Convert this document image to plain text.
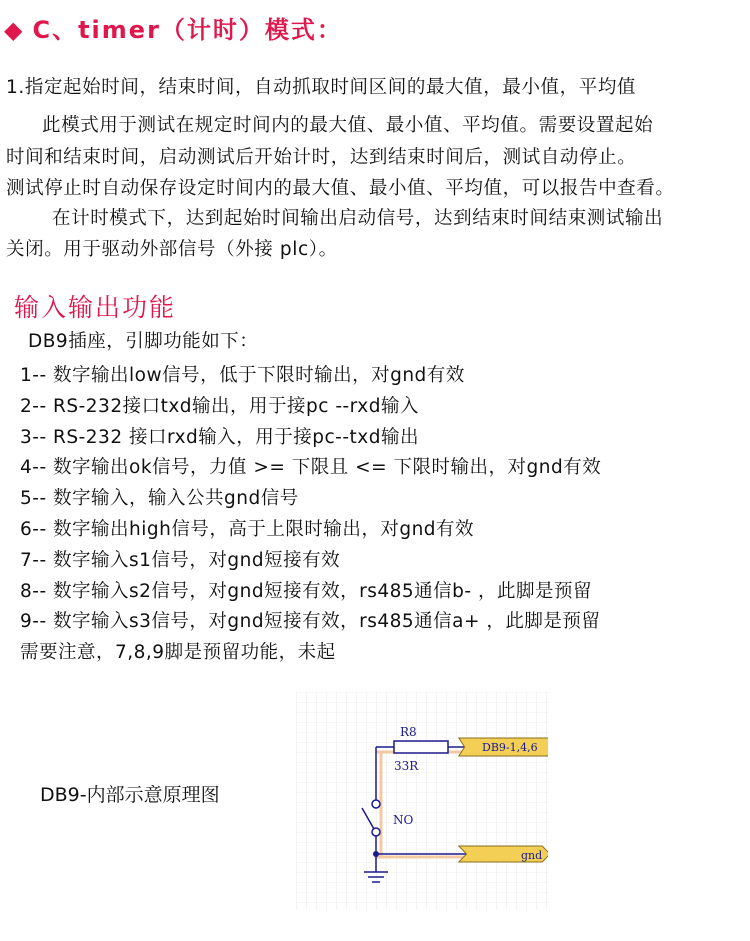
◆ C、timer（计时）模式：
1.指定起始时间，结束时间，自动抓取时间区间的最大值，最小值，平均值
此模式用于测试在规定时间内的最大值、最小值、平均值。需要设置起始
时间和结束时间，启动测试后开始计时，达到结束时间后，测试自动停止。
测试停止时自动保存设定时间内的最大值、最小值、平均值，可以报告中查看。
在计时模式下，达到起始时间输出启动信号，达到结束时间结束测试输出
关闭。用于驱动外部信号（外接 plc）。
输入输出功能
DB9插座，引脚功能如下：
1-- 数字输出low信号，低于下限时输出，对gnd有效
2-- RS-232接口txd输出，用于接pc --rxd输入
3-- RS-232 接口rxd输入，用于接pc--txd输出
4-- 数字输出ok信号，力值 >= 下限且 <= 下限时输出，对gnd有效
5-- 数字输入，输入公共gnd信号
6-- 数字输出high信号，高于上限时输出，对gnd有效
7-- 数字输入s1信号，对gnd短接有效
8-- 数字输入s2信号，对gnd短接有效，rs485通信b- ，此脚是预留
9-- 数字输入s3信号，对gnd短接有效，rs485通信a+ ，此脚是预留
需要注意，7,8,9脚是预留功能，未起
DB9-内部示意原理图
R8
33R
NO
DB9-1,4,6
gnd
